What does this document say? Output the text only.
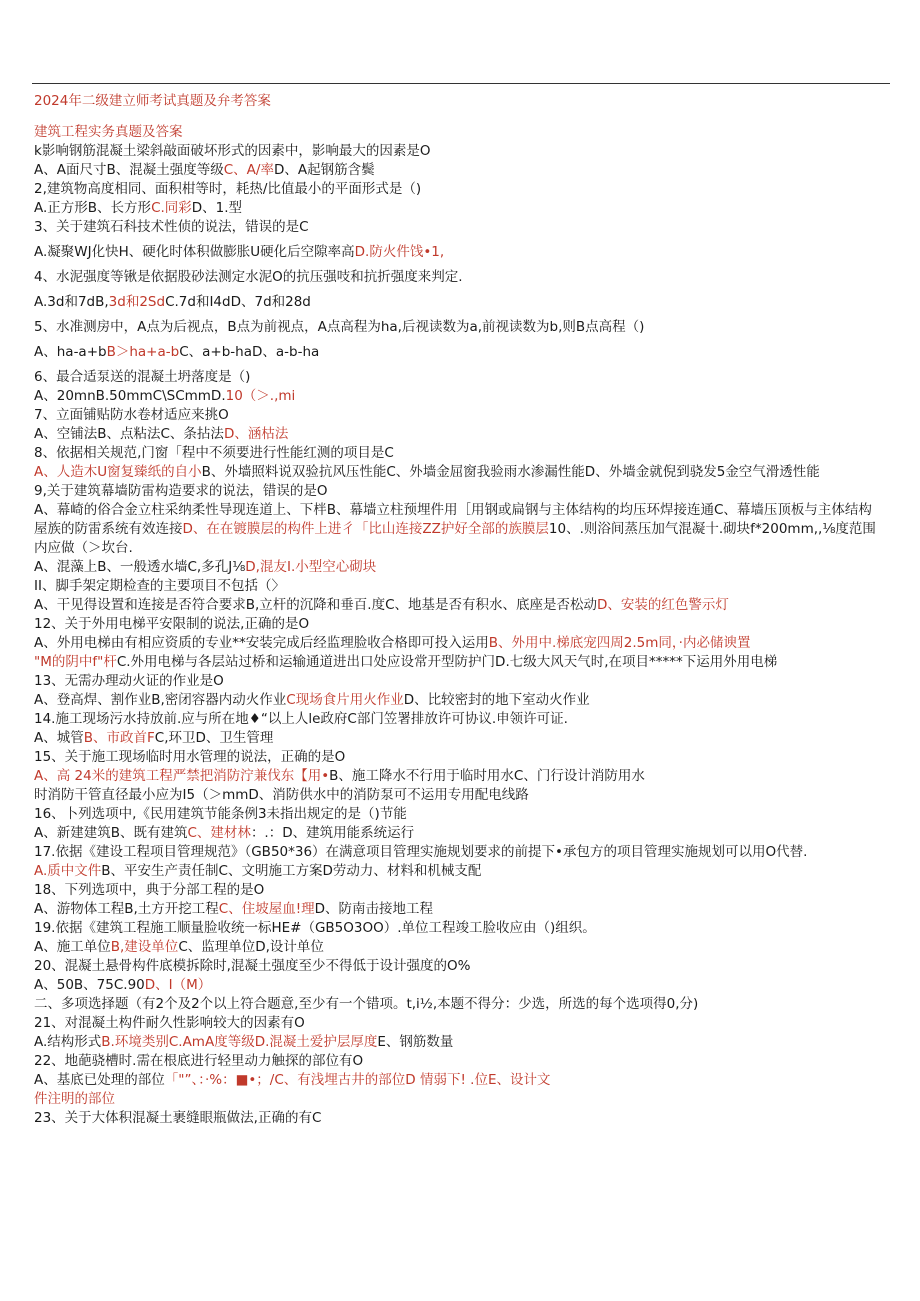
2024年二级建立师考试真题及弁考答案
建筑工程实务真题及答案
k影响钢筋混凝土梁斜敲面破坏形式的因素中，影响最大的因素是O
A、A面尺寸B、混凝土强度等级C、A/率D、A起钢筋含鬓
2,建筑物高度相同、面积柑等时，耗热/比值最小的平面形式是（)
A.正方形B、长方形C.同彩D、1.型
3、关于建筑石科技术性侦的说法，错误的是C
A.凝聚WJ化快H、硬化时体积做膨胀U硬化后空隙率高D.防火件饯•1,
4、水泥强度等锹是依据股砂法测定水泥O的抗压强吱和抗折强度来判定.
A.3d和7dB,3d和2SdC.7d和I4dD、7d和28d
5、水准测房中，A点为后视点，B点为前视点，A点高程为ha,后视读数为a,前视读数为b,则B点高程（)
A、ha-a+bB＞ha+a-bC、a+b-haD、a-b-ha
6、最合适泵送的混凝土坍落度是（)
A、20mnB.50mmC\SCmmD.10（＞.,mi
7、立面铺贴防水卷材适应来挑O
A、空铺法B、点粘法C、条拈法D、涵枯法
8、依据相关规范,门窗「程中不须要进行性能红测的项目是C
A、人造木U窗复臻纸的自小B、外墙照料说双验抗风压性能C、外墙金屈窗我验雨水渗漏性能D、外墙金就倪到骁发5金空气滑透性能
9,关于建筑幕墙防雷构造要求的说法，错误的是O
A、幕崎的俗合金立柱采纳柔性导现连道上、下柈B、幕墙立柱预埋件用［用钢或扁钢与主体结构的均压环焊接连通C、幕墙压顶板与主体结构屋族的防雷系统有效连接D、在在镀膜层的构件上进彳「比山连接ZZ护好全部的族膜层10、.则浴间蒸压加气混凝十.砌块f*200mm,,⅛度范围内应做（＞坎台.
A、混藻上B、一般透水墙C,多孔J⅛D,混友I.小型空心砌块
II、脚手架定期检查的主要项目不包括（〉
A、干见得设置和连接是否符合要求B,立杆的沉降和垂百.度C、地基是否有积水、底座是否松动D、安装的红色警示灯
12、关于外用电梯平安限制的说法,正确的是O
A、外用电梯由有相应资质的专业**安装完成后经监理脸收合格即可投入运用B、外用中.梯底宠四周2.5m同，·内必储谀置
"M的阴中f"杆C.外用电梯与各层站过桥和运输通道进出口处应设常开型防护门D.七级大风天气时,在项目*****下运用外用电梯
13、无需办理动火证的作业是O
A、登高焊、割作业B,密闭容器内动火作业C现场食片用火作业D、比较密封的地下室动火作业
14.施工现场污水持放前.应与所在地♦“以上人le政府C部门笠署排放许可协议.申领许可证.
A、城管B、市政首FC,环卫D、卫生管理
15、关于施工现场临时用水管理的说法，正确的是O
A、高 24米的建筑工程严禁把消防泞兼伐东【用•B、施工降水不行用于临时用水C、门行设计消防用水
时消防干管直径最小应为I5（＞mmD、消防供水中的消防泵可不运用专用配电线路
16、卜列选项中,《民用建筑节能条例3未指出规定的是（)节能
A、新建建筑B、既有建筑C、建材林：.：D、建筑用能系统运行
17.依据《建设工程项目管理规范》（GB50*36）在满意项目管理实施规划要求的前提下•承包方的项目管理实施规划可以用O代替.
A.质中文件B、平安生产责任制C、文明施工方案D劳动力、材料和机械支配
18、下列选项中，典于分部工程的是O
A、游物体工程B,土方开挖工程C、住坡屋血!理D、防南击接地工程
19.依据《建筑工程施工顺量脸收统一标HE#（GB5O3OO）.单位工程竣工脸收应由（)组织。
A、施工单位B,建设单位C、监理单位D,设计单位
20、混凝土悬骨构件底模拆除时,混凝土强度至少不得低于设计强度的O%
A、50B、75C.90D、I（M）
二、多项选择题（有2个及2个以上符合题意,至少有一个错项。t,i½,本题不得分：少选，所选的每个选项得0,分)
21、对混凝土构件耐久性影响较大的因素有O
A.结构形式B.环境类别C.AmA度等级D.混凝土爱护层厚度E、钢筋数量
22、地葩骁槽时.需在根底进行轻里动力触探的部位有O
A、基底已处理的部位「"”、：·%：■•；/C、有浅埋古井的部位D 情弱下! .位E、设计文
件注明的部位
23、关于大体积混凝土裹缝眼瓶做法,正确的有C
